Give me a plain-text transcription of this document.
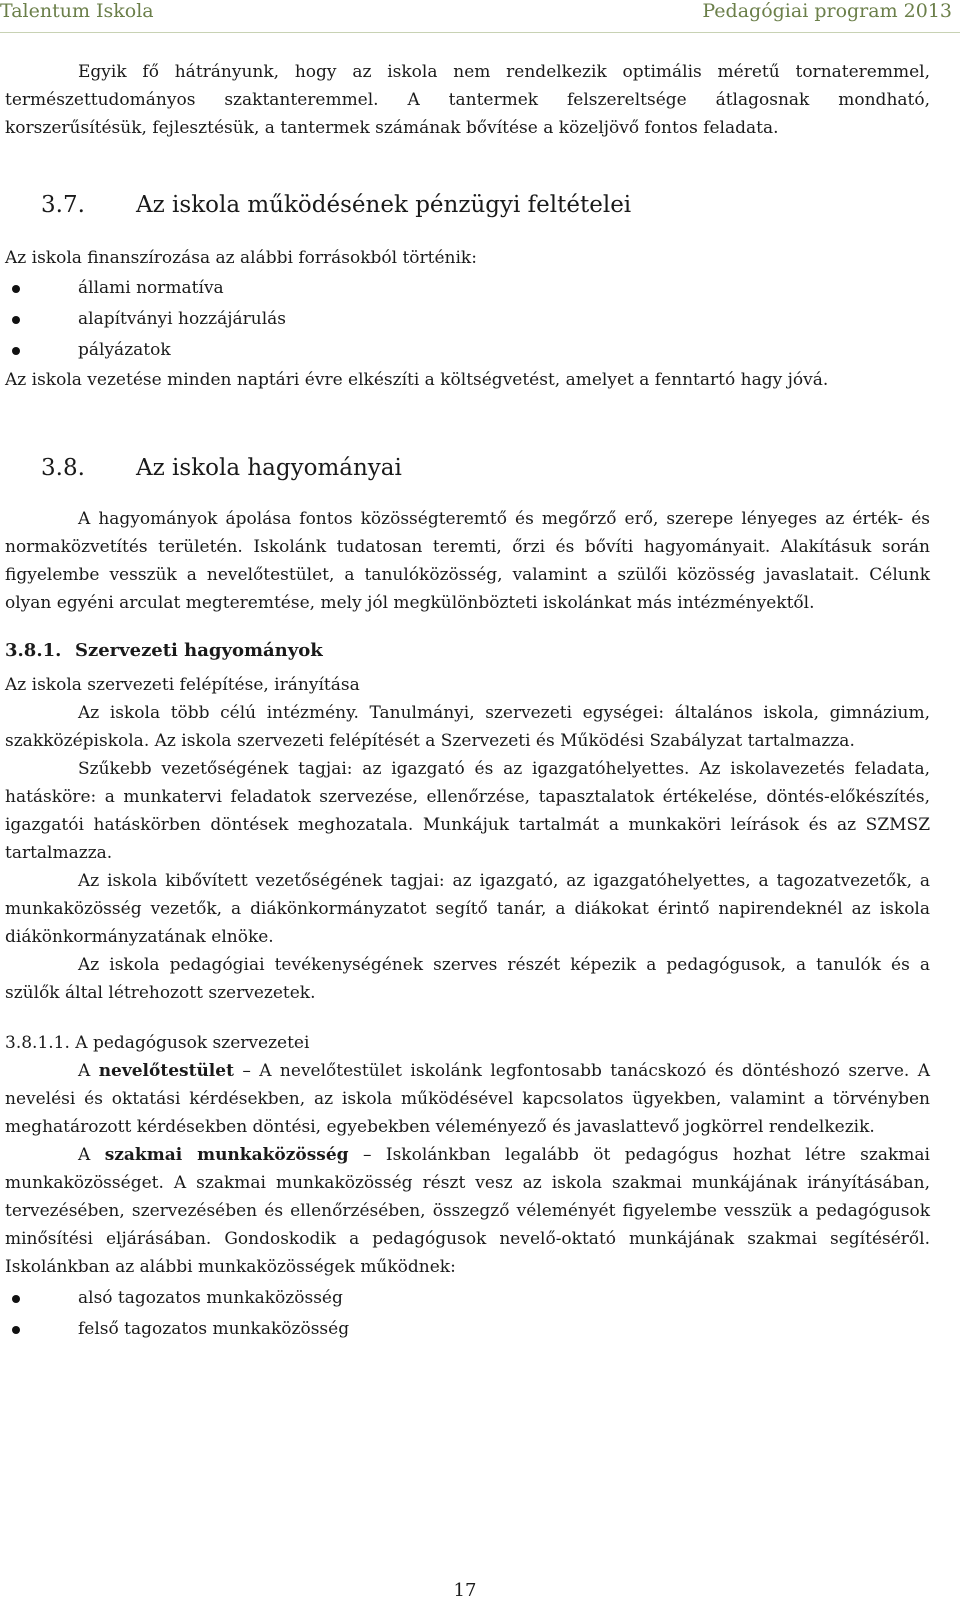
Talentum Iskola	Pedagógiai program 2013

Egyik fő hátrányunk, hogy az iskola nem rendelkezik optimális méretű tornateremmel, természettudományos szaktanteremmel. A tantermek felszereltsége átlagosnak mondható, korszerűsítésük, fejlesztésük, a tantermek számának bővítése a közeljövő fontos feladata.

3.7. Az iskola működésének pénzügyi feltételei

Az iskola finanszírozása az alábbi forrásokból történik:

állami normatíva
alapítványi hozzájárulás
pályázatok

Az iskola vezetése minden naptári évre elkészíti a költségvetést, amelyet a fenntartó hagy jóvá.

3.8. Az iskola hagyományai

A hagyományok ápolása fontos közösségteremtő és megőrző erő, szerepe lényeges az érték- és normaközvetítés területén. Iskolánk tudatosan teremti, őrzi és bővíti hagyományait. Alakításuk során figyelembe vesszük a nevelőtestület, a tanulóközösség, valamint a szülői közösség javaslatait. Célunk olyan egyéni arculat megteremtése, mely jól megkülönbözteti iskolánkat más intézményektől.

3.8.1. Szervezeti hagyományok

Az iskola szervezeti felépítése, irányítása

Az iskola több célú intézmény. Tanulmányi, szervezeti egységei: általános iskola, gimnázium, szakközépiskola. Az iskola szervezeti felépítését a Szervezeti és Működési Szabályzat tartalmazza.

Szűkebb vezetőségének tagjai: az igazgató és az igazgatóhelyettes. Az iskolavezetés feladata, hatásköre: a munkatervi feladatok szervezése, ellenőrzése, tapasztalatok értékelése, döntés-előkészítés, igazgatói hatáskörben döntések meghozatala. Munkájuk tartalmát a munkaköri leírások és az SZMSZ tartalmazza.

Az iskola kibővített vezetőségének tagjai: az igazgató, az igazgatóhelyettes, a tagozatvezetők, a munkaközösség vezetők, a diákönkormányzatot segítő tanár, a diákokat érintő napirendeknél az iskola diákönkormányzatának elnöke.

Az iskola pedagógiai tevékenységének szerves részét képezik a pedagógusok, a tanulók és a szülők által létrehozott szervezetek.

3.8.1.1. A pedagógusok szervezetei

A nevelőtestület – A nevelőtestület iskolánk legfontosabb tanácskozó és döntéshozó szerve. A nevelési és oktatási kérdésekben, az iskola működésével kapcsolatos ügyekben, valamint a törvényben meghatározott kérdésekben döntési, egyebekben véleményező és javaslattevő jogkörrel rendelkezik.

A szakmai munkaközösség – Iskolánkban legalább öt pedagógus hozhat létre szakmai munkaközösséget. A szakmai munkaközösség részt vesz az iskola szakmai munkájának irányításában, tervezésében, szervezésében és ellenőrzésében, összegző véleményét figyelembe vesszük a pedagógusok minősítési eljárásában. Gondoskodik a pedagógusok nevelő-oktató munkájának szakmai segítéséről. Iskolánkban az alábbi munkaközösségek működnek:

alsó tagozatos munkaközösség
felső tagozatos munkaközösség
17
